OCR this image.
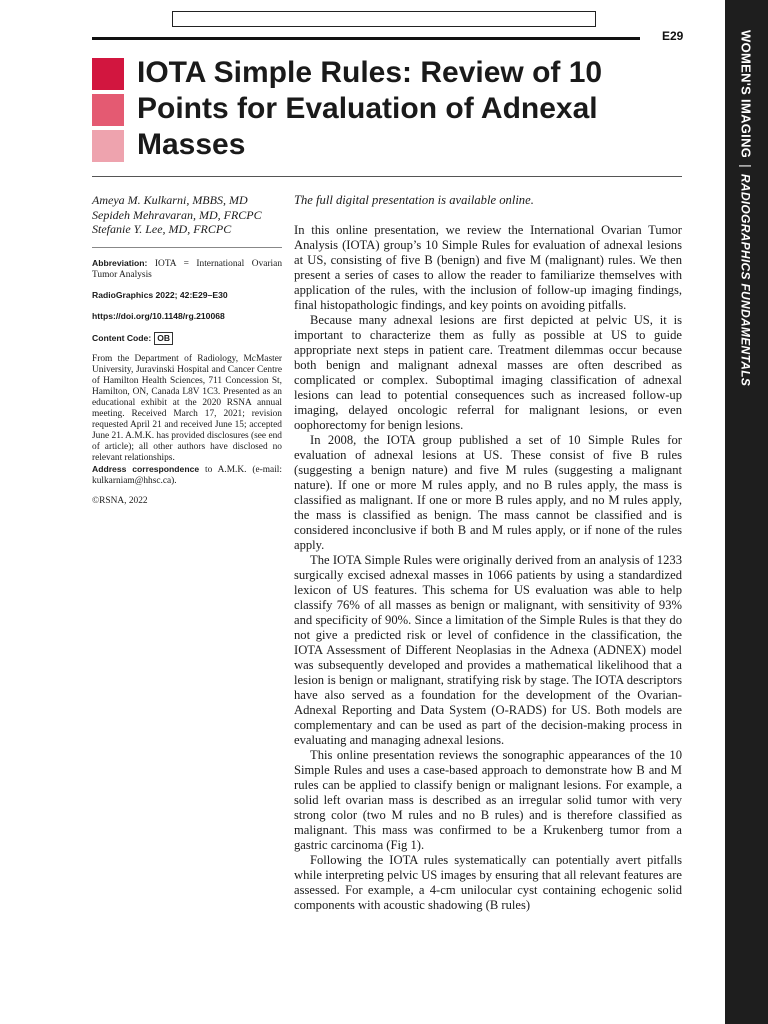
E29	WOMEN'S IMAGING|RADIOGRAPHICS FUNDAMENTALS
IOTA Simple Rules: Review of 10 Points for Evaluation of Adnexal Masses

Ameya M. Kulkarni, MBBS, MD
Sepideh Mehravaran, MD, FRCPC
Stefanie Y. Lee, MD, FRCPC

Abbreviation: IOTA = International Ovarian Tumor Analysis

RadioGraphics 2022; 42:E29–E30

https://doi.org/10.1148/rg.210068

Content Code: OB

From the Department of Radiology, McMaster University, Juravinski Hospital and Cancer Centre of Hamilton Health Sciences, 711 Concession St, Hamilton, ON, Canada L8V 1C3. Presented as an educational exhibit at the 2020 RSNA annual meeting. Received March 17, 2021; revision requested April 21 and received June 15; accepted June 21. A.M.K. has provided disclosures (see end of article); all other authors have disclosed no relevant relationships.
Address correspondence to A.M.K. (e-mail: kulkarniam@hhsc.ca).

©RSNA, 2022

The full digital presentation is available online.

In this online presentation, we review the International Ovarian Tumor Analysis (IOTA) group’s 10 Simple Rules for evaluation of adnexal lesions at US, consisting of five B (benign) and five M (malignant) rules. We then present a series of cases to allow the reader to familiarize themselves with application of the rules, with the inclusion of follow-up imaging findings, final histopathologic findings, and key points on avoiding pitfalls.

Because many adnexal lesions are first depicted at pelvic US, it is important to characterize them as fully as possible at US to guide appropriate next steps in patient care. Treatment dilemmas occur because both benign and malignant adnexal masses are often described as complicated or complex. Suboptimal imaging classification of adnexal lesions can lead to potential consequences such as increased follow-up imaging, delayed oncologic referral for malignant lesions, or even oophorectomy for benign lesions.

In 2008, the IOTA group published a set of 10 Simple Rules for evaluation of adnexal lesions at US. These consist of five B rules (suggesting a benign nature) and five M rules (suggesting a malignant nature). If one or more M rules apply, and no B rules apply, the mass is classified as malignant. If one or more B rules apply, and no M rules apply, the mass is classified as benign. The mass cannot be classified and is considered inconclusive if both B and M rules apply, or if none of the rules apply.

The IOTA Simple Rules were originally derived from an analysis of 1233 surgically excised adnexal masses in 1066 patients by using a standardized lexicon of US features. This schema for US evaluation was able to help classify 76% of all masses as benign or malignant, with sensitivity of 93% and specificity of 90%. Since a limitation of the Simple Rules is that they do not give a predicted risk or level of confidence in the classification, the IOTA Assessment of Different Neoplasias in the Adnexa (ADNEX) model was subsequently developed and provides a mathematical likelihood that a lesion is benign or malignant, stratifying risk by stage. The IOTA descriptors have also served as a foundation for the development of the Ovarian-Adnexal Reporting and Data System (O-RADS) for US. Both models are complementary and can be used as part of the decision-making process in evaluating and managing adnexal lesions.

This online presentation reviews the sonographic appearances of the 10 Simple Rules and uses a case-based approach to demonstrate how B and M rules can be applied to classify benign or malignant lesions. For example, a solid left ovarian mass is described as an irregular solid tumor with very strong color (two M rules and no B rules) and is therefore classified as malignant. This mass was confirmed to be a Krukenberg tumor from a gastric carcinoma (Fig 1).

Following the IOTA rules systematically can potentially avert pitfalls while interpreting pelvic US images by ensuring that all relevant features are assessed. For example, a 4-cm unilocular cyst containing echogenic solid components with acoustic shadowing (B rules)
